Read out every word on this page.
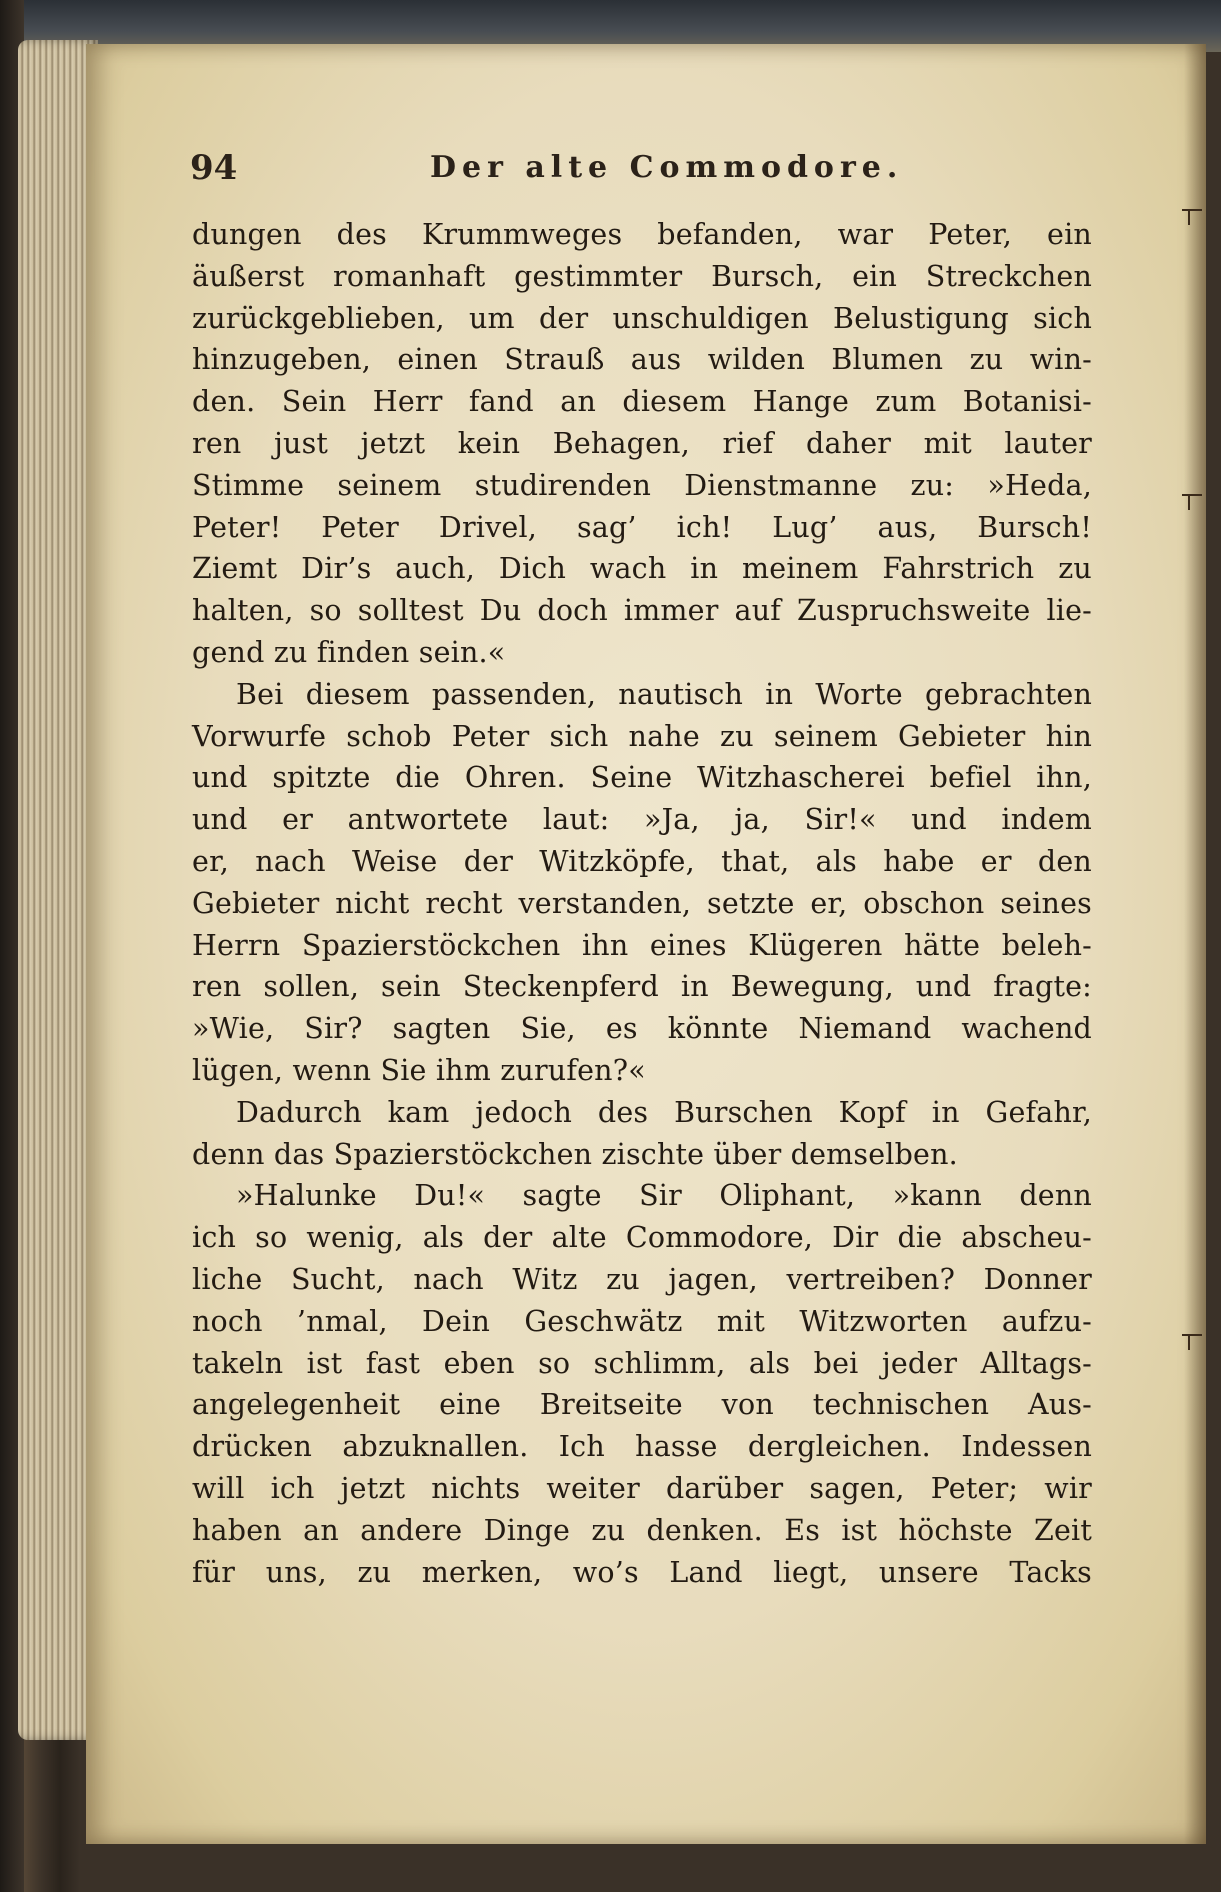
94	Der alte Commodore.
dungen des Krummweges befanden, war Peter, ein
äußerst romanhaft gestimmter Bursch, ein Streckchen
zurückgeblieben, um der unschuldigen Belustigung sich
hinzugeben, einen Strauß aus wilden Blumen zu win-
den. Sein Herr fand an diesem Hange zum Botanisi-
ren just jetzt kein Behagen, rief daher mit lauter
Stimme seinem studirenden Dienstmanne zu: »Heda,
Peter! Peter Drivel, sag’ ich! Lug’ aus, Bursch!
Ziemt Dir’s auch, Dich wach in meinem Fahrstrich zu
halten, so solltest Du doch immer auf Zuspruchsweite lie-
gend zu finden sein.«
Bei diesem passenden, nautisch in Worte gebrachten
Vorwurfe schob Peter sich nahe zu seinem Gebieter hin
und spitzte die Ohren. Seine Witzhascherei befiel ihn,
und er antwortete laut: »Ja, ja, Sir!« und indem
er, nach Weise der Witzköpfe, that, als habe er den
Gebieter nicht recht verstanden, setzte er, obschon seines
Herrn Spazierstöckchen ihn eines Klügeren hätte beleh-
ren sollen, sein Steckenpferd in Bewegung, und fragte:
»Wie, Sir? sagten Sie, es könnte Niemand wachend
lügen, wenn Sie ihm zurufen?«
Dadurch kam jedoch des Burschen Kopf in Gefahr,
denn das Spazierstöckchen zischte über demselben.
»Halunke Du!« sagte Sir Oliphant, »kann denn
ich so wenig, als der alte Commodore, Dir die abscheu-
liche Sucht, nach Witz zu jagen, vertreiben? Donner
noch ’nmal, Dein Geschwätz mit Witzworten aufzu-
takeln ist fast eben so schlimm, als bei jeder Alltags-
angelegenheit eine Breitseite von technischen Aus-
drücken abzuknallen. Ich hasse dergleichen. Indessen
will ich jetzt nichts weiter darüber sagen, Peter; wir
haben an andere Dinge zu denken. Es ist höchste Zeit
für uns, zu merken, wo’s Land liegt, unsere Tacks
